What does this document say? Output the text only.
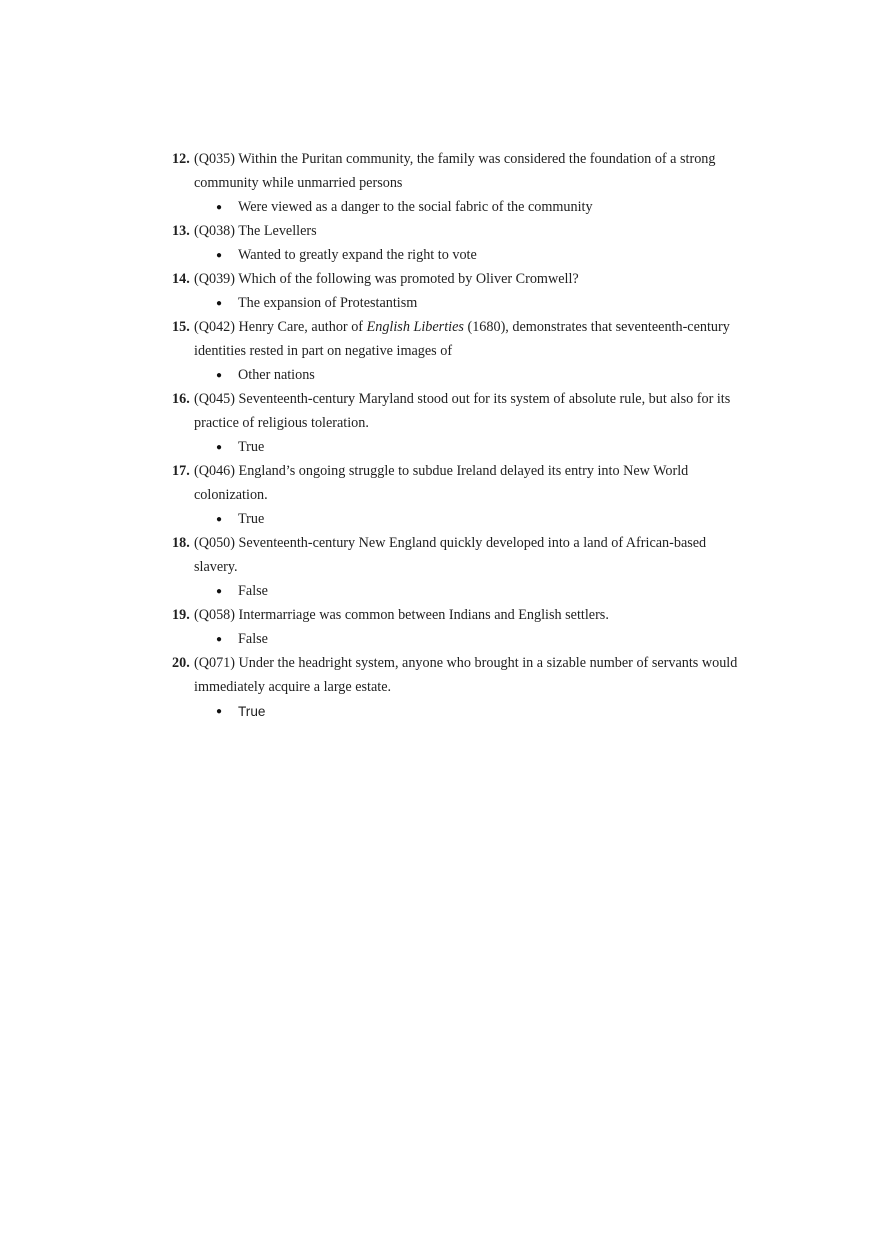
12. (Q035) Within the Puritan community, the family was considered the foundation of a strong community while unmarried persons
●	Were viewed as a danger to the social fabric of the community
13. (Q038) The Levellers
●	Wanted to greatly expand the right to vote
14. (Q039) Which of the following was promoted by Oliver Cromwell?
●	The expansion of Protestantism
15. (Q042) Henry Care, author of English Liberties (1680), demonstrates that seventeenth-century identities rested in part on negative images of
●	Other nations
16. (Q045) Seventeenth-century Maryland stood out for its system of absolute rule, but also for its practice of religious toleration.
●	True
17. (Q046) England’s ongoing struggle to subdue Ireland delayed its entry into New World colonization.
●	True
18. (Q050) Seventeenth-century New England quickly developed into a land of African-based slavery.
●	False
19. (Q058) Intermarriage was common between Indians and English settlers.
●	False
20. (Q071) Under the headright system, anyone who brought in a sizable number of servants would immediately acquire a large estate.
●	True
